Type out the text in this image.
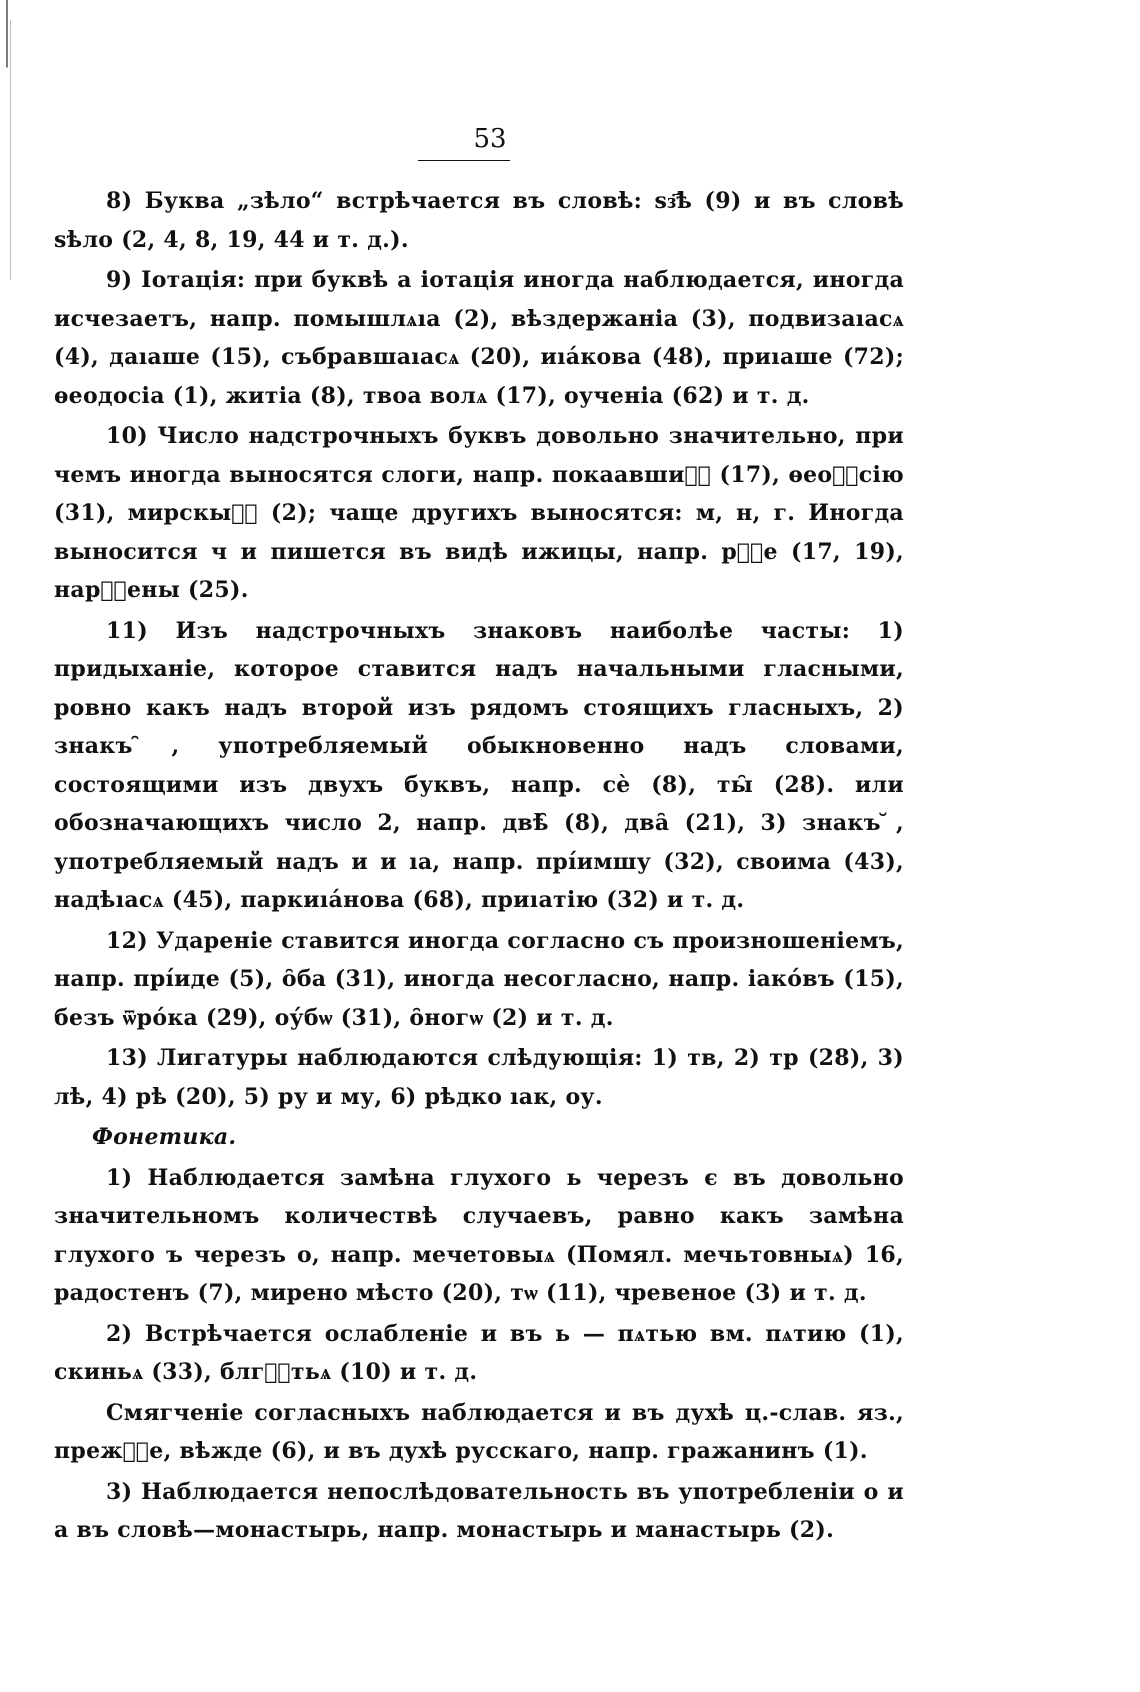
53

8) Буква „зѣло“ встрѣчается въ словѣ: ѕз҃ѣ (9) и въ словѣ ѕѣло (2, 4, 8, 19, 44 и т. д.).

9) Іотація: при буквѣ а іотація иногда наблюдается, иногда исчезаетъ, напр. помышлѧıа (2), вѣздержаніа (3), подвизаıасѧ (4), даıаше (15), събравшаıасѧ (20), иıа́кова (48), приıаше (72); ѳеодосіа (1), житіа (8), твоа волѧ (17), оученіа (62) и т. д.

10) Число надстрочныхъ буквъ довольно значительно, при чемъ иногда выносятся слоги, напр. покаавшиⷯ҇ (17), ѳеоⷭ҇сію (31), мирскыⷯ҇ (2); чаще другихъ выносятся: м, н, г. Иногда выносится ч и пишется въ видѣ ижицы, напр. рⷱ҇е (17, 19), нарⷱ҇ены (25).

11) Изъ надстрочныхъ знаковъ наиболѣе часты: 1) придыханіе, которое ставится надъ начальными гласными, ровно какъ надъ второй изъ рядомъ стоящихъ гласныхъ, 2) знакъ ̑, употребляемый обыкновенно надъ словами, состоящими изъ двухъ буквъ, напр. сѐ (8), ты̑ (28). или обозначающихъ число 2, напр. двѣ̑ (8), два̑ (21), 3) знакъ ̆, употребляемый надъ и и ıа, напр. прі́имшу (32), своима (43), надѣıасѧ (45), паркиıа́нова (68), приıатію (32) и т. д.

12) Удареніе ставится иногда согласно съ произношеніемъ, напр. прі́иде (5), о̑ба (31), иногда несогласно, напр. іако́въ (15), безъ ѿро́ка (29), оу́бѡ (31), о̑ногѡ (2) и т. д.

13) Лигатуры наблюдаются слѣдующія: 1) тв, 2) тр (28), 3) лѣ, 4) рѣ (20), 5) ру и му, 6) рѣдко ıак, оу.

Фонетика.

1) Наблюдается замѣна глухого ь черезъ є въ довольно значительномъ количествѣ случаевъ, равно какъ замѣна глухого ъ черезъ о, напр. мечетовыѧ (Помял. мечьтовныѧ) 16, радостенъ (7), мирено мѣсто (20), тѡ (11), чревеное (3) и т. д.

2) Встрѣчается ослабленіе и въ ь — пѧтью вм. пѧтию (1), скиньѧ (33), блгⷭ҇тьѧ (10) и т. д.

Смягченіе согласныхъ наблюдается и въ духѣ ц.-слав. яз., прежⷣ҇е, вѣжде (6), и въ духѣ русскаго, напр. гражанинъ (1).

3) Наблюдается непослѣдовательность въ употребленіи о и а въ словѣ—монастырь, напр. монастырь и манастырь (2).
